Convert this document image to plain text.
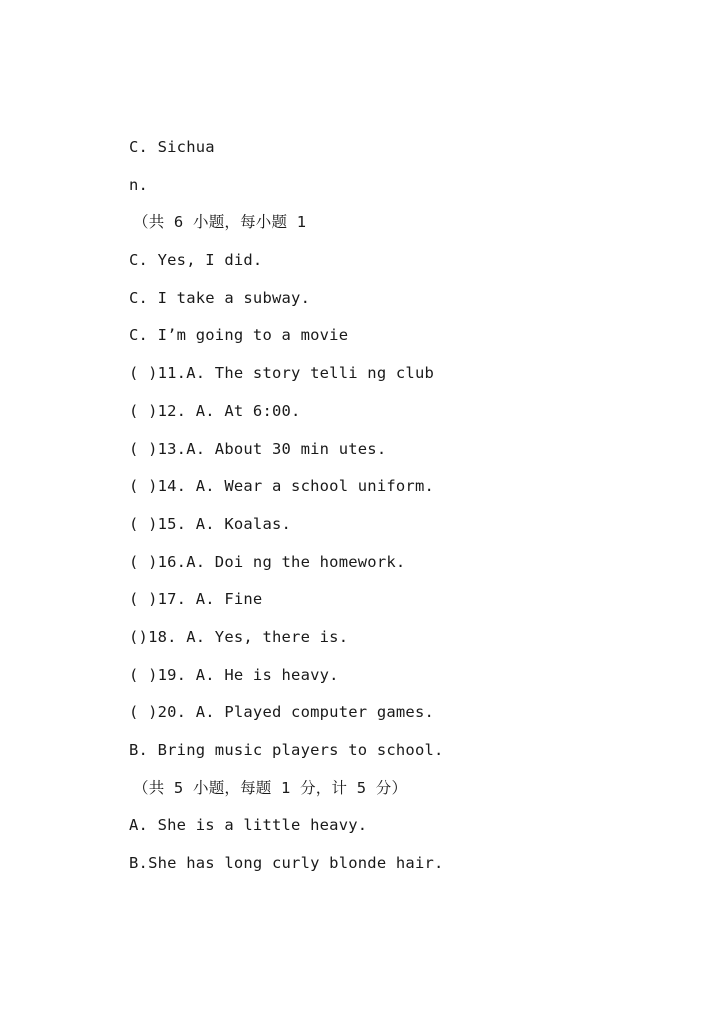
C. Sichua
n.
（共 6 小题，每小题 1
C. Yes, I did.
C. I take a subway.
C. I’m going to a movie
( )11.A. The story telli ng club
( )12. A. At 6:00.
( )13.A. About 30 min utes.
( )14. A. Wear a school uniform.
( )15. A. Koalas.
( )16.A. Doi ng the homework.
( )17. A. Fine
()18. A. Yes, there is.
( )19. A. He is heavy.
( )20. A. Played computer games.
B. Bring music players to school.
（共 5 小题，每题 1 分，计 5 分）
A. She is a little heavy.
B.She has long curly blonde hair.
